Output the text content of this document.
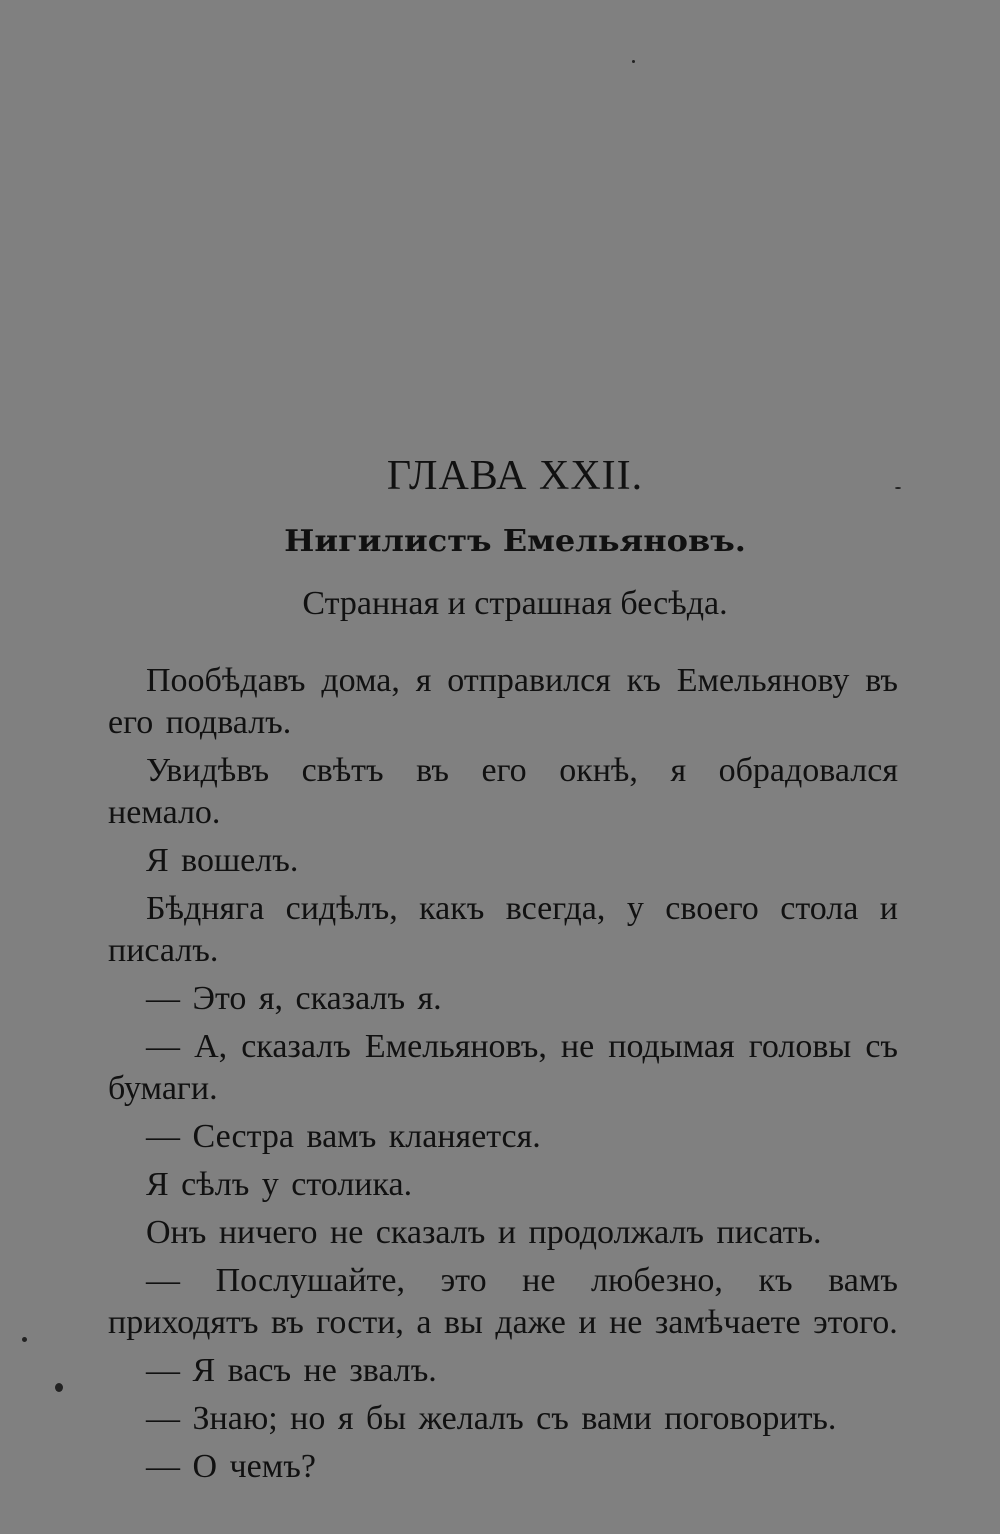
ГЛАВА XXII.
Нигилистъ Емельяновъ.
Странная и страшная бесѣда.

Пообѣдавъ дома, я отправился къ Емельянову въ его подвалъ.

Увидѣвъ свѣтъ въ его окнѣ, я обрадовался немало.

Я вошелъ.

Бѣдняга сидѣлъ, какъ всегда, у своего стола и писалъ.

— Это я, сказалъ я.

— А, сказалъ Емельяновъ, не подымая головы съ бумаги.

— Сестра вамъ кланяется.

Я сѣлъ у столика.

Онъ ничего не сказалъ и продолжалъ писать.

— Послушайте, это не любезно, къ вамъ приходятъ въ гости, а вы даже и не замѣчаете этого.

— Я васъ не звалъ.

— Знаю; но я бы желалъ съ вами поговорить.

— О чемъ?
